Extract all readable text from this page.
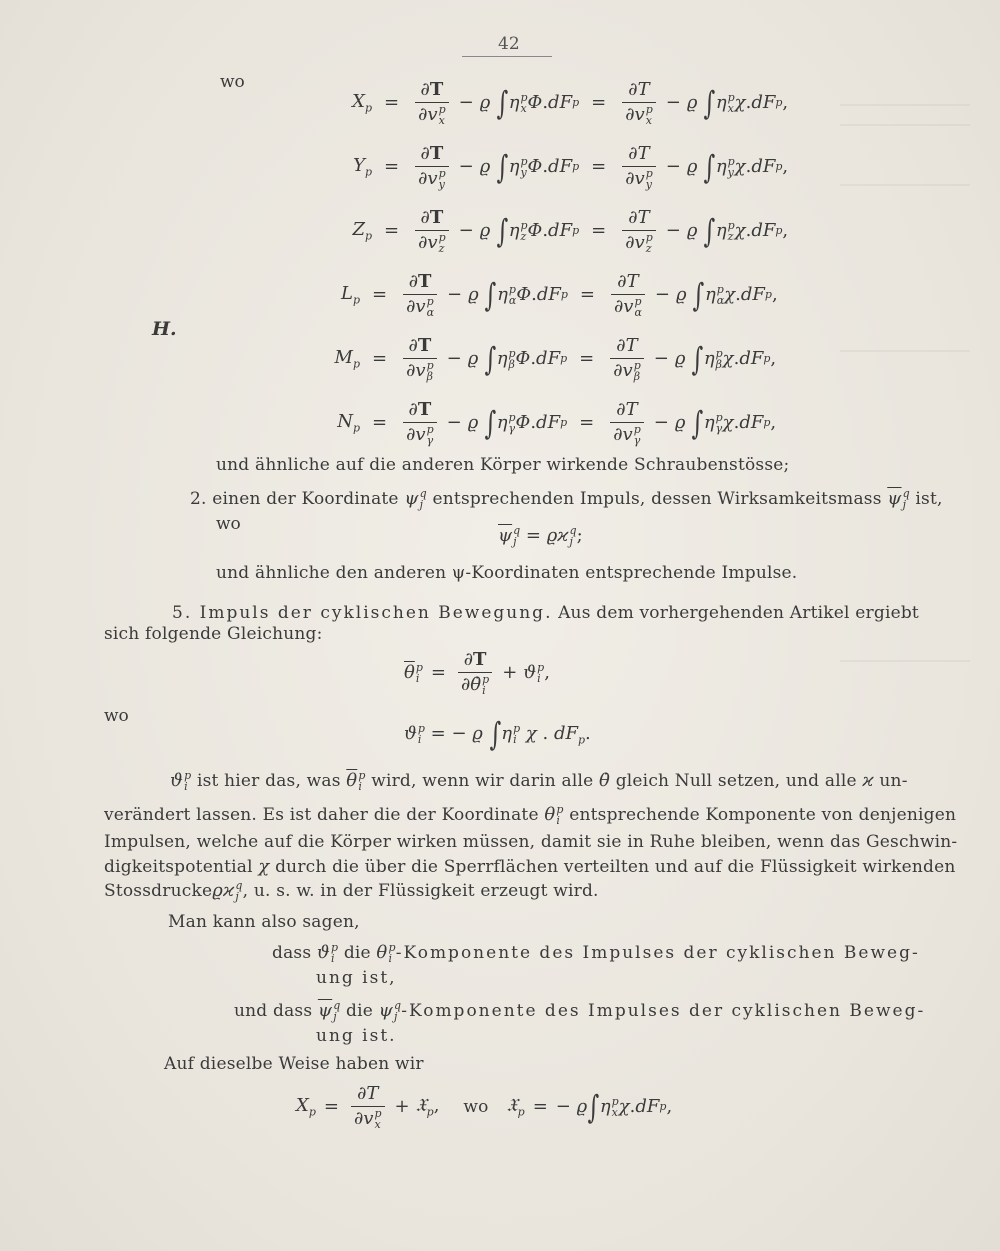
42
wo
H.
$X_p = \partial T$
∂v p
x − ϱ ∫ η p
x Φ . dF p = ∂T
∂v p
x − ϱ ∫ η p
x χ . dF p ,
$Y_p = \partial T$
∂v p
y − ϱ ∫ η p
y Φ . dF p = ∂T
∂v p
y − ϱ ∫ η p
y χ . dF p ,
$Z_p = \partial T$
∂v p
z − ϱ ∫ η p
z Φ . dF p = ∂T
∂v p
z − ϱ ∫ η p
z χ . dF p ,
$L_p = \partial T$
∂v p
α − ϱ ∫ η p
α Φ . dF p = ∂T
∂v p
α − ϱ ∫ η p
α χ . dF p ,
$M_p = \partial T$
∂v p
β − ϱ ∫ η p
β Φ . dF p = ∂T
∂v p
β − ϱ ∫ η p
β χ . dF p ,
$N_p = \partial T$
∂v p
γ − ϱ ∫ η p
γ Φ . dF p = ∂T
∂v p
γ − ϱ ∫ η p
γ χ . dF p ,
und ähnliche auf die anderen Körper wirkende Schraubenstösse;
2. einen der Koordinate ψ q
j entsprechenden Impuls, dessen Wirksamkeitsmass $\overline{\psi}$ q
j ist,
wo
$\overline{\psi}$ q
j = ϱϰ q
j ;
und ähnliche den anderen ψ-Koordinaten entsprechende Impulse.
5. Impuls der cyklischen Bewegung. Aus dem vorhergehenden Artikel ergiebt
sich folgende Gleichung:
$\overline{\theta}$ p
i = ∂T
∂θ̇ p
i + ϑ p
i ,
wo
ϑ p
i = − ϱ ∫η p
i χ . $dF_p$.
ϑ p
i ist hier das, was $\overline{\theta}$ p
i wird, wenn wir darin alle θ̇ gleich Null setzen, und alle ϰ un-
verändert lassen. Es ist daher die der Koordinate θ p
i entsprechende Komponente von denjenigen
Impulsen, welche auf die Körper wirken müssen, damit sie in Ruhe bleiben, wenn das Geschwin-
digkeitspotential χ durch die über die Sperrflächen verteilten und auf die Flüssigkeit wirkenden
Stossdruckeϱϰ q
j , u. s. w. in der Flüssigkeit erzeugt wird.
Man kann also sagen,
dass ϑ p
i die θ p
i -Komponente des Impulses der cyklischen Beweg-
ung ist,
und dass $\overline{\psi}$ q
j die ψ q
j -Komponente des Impulses der cyklischen Beweg-
ung ist.
Auf dieselbe Weise haben wir
$X_p = \partial T$
∂v p
x + 𝔛$_p$, wo 𝔛$_p$ = − ϱ ∫ η p
x χ . dF p ,
